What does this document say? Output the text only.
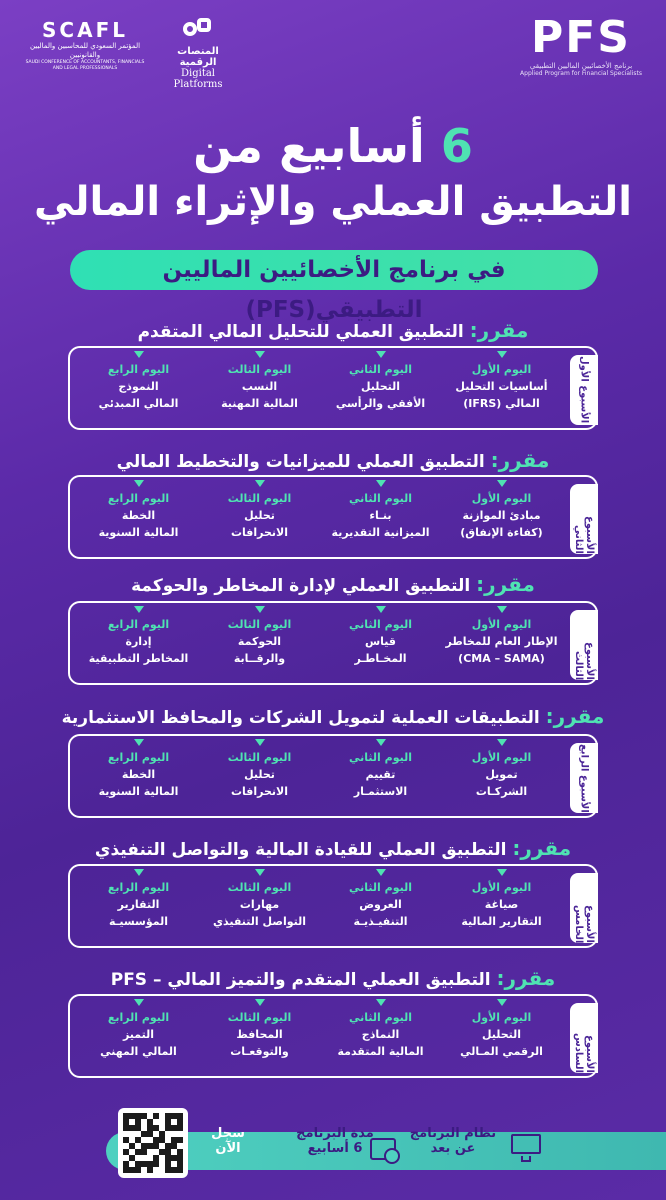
PFS
برنامج الأخصائيين الماليين التطبيقي
Applied Program for Financial Specialists
المنصات الرقمية
Digital Platforms
SCAFL
المؤتمر السعودي للمحاسبين والماليين والقانونيين
SAUDI CONFERENCE OF ACCOUNTANTS, FINANCIALS AND LEGAL PROFESSIONALS
6 أسابيع من
التطبيق العملي والإثراء المالي
في برنامج الأخصائيين الماليين التطبيقي(PFS)
مقرر: التطبيق العملي للتحليل المالي المتقدم
الأسبوع الأول
اليوم الأول
أساسيات التحليل
المالي (IFRS)
اليوم الثاني
التحليل
الأفقي والرأسي
اليوم الثالث
النسب
المالية المهنية
اليوم الرابع
النموذج
المالي المبدئي
مقرر: التطبيق العملي للميزانيات والتخطيط المالي
الأسبوع الثاني
اليوم الأول
مبادئ الموازنة
(كفاءة الإنفاق)
اليوم الثاني
بنـاء
الميزانية التقديرية
اليوم الثالث
تحليل
الانحرافات
اليوم الرابع
الخطة
المالية السنوية
مقرر: التطبيق العملي لإدارة المخاطر والحوكمة
الأسبوع الثالث
اليوم الأول
الإطار العام للمخاطر
(CMA – SAMA)
اليوم الثاني
قياس
المخـاطـر
اليوم الثالث
الحوكمة
والرقــابة
اليوم الرابع
إدارة
المخاطر التطبيقية
مقرر: التطبيقات العملية لتمويل الشركات والمحافظ الاستثمارية
الأسبوع الرابع
اليوم الأول
تمويل
الشركـات
اليوم الثاني
تقييم
الاستثمـار
اليوم الثالث
تحليل
الانحرافات
اليوم الرابع
الخطة
المالية السنوية
مقرر: التطبيق العملي للقيادة المالية والتواصل التنفيذي
الأسبوع الخامس
اليوم الأول
صياغة
التقارير المالية
اليوم الثاني
العروض
التنفيـذيـة
اليوم الثالث
مهارات
التواصل التنفيذي
اليوم الرابع
التقارير
المؤسسيـة
مقرر: التطبيق العملي المتقدم والتميز المالي – PFS
الأسبوع السادس
اليوم الأول
التحليل
الرقمي المـالي
اليوم الثاني
النماذج
المالية المتقدمة
اليوم الثالث
المحافظ
والتوقعـات
اليوم الرابع
التميز
المالي المهني
سجل
الآن
مدة البرنامج
6 أسابيع
نظام البرنامج
عن بعد
